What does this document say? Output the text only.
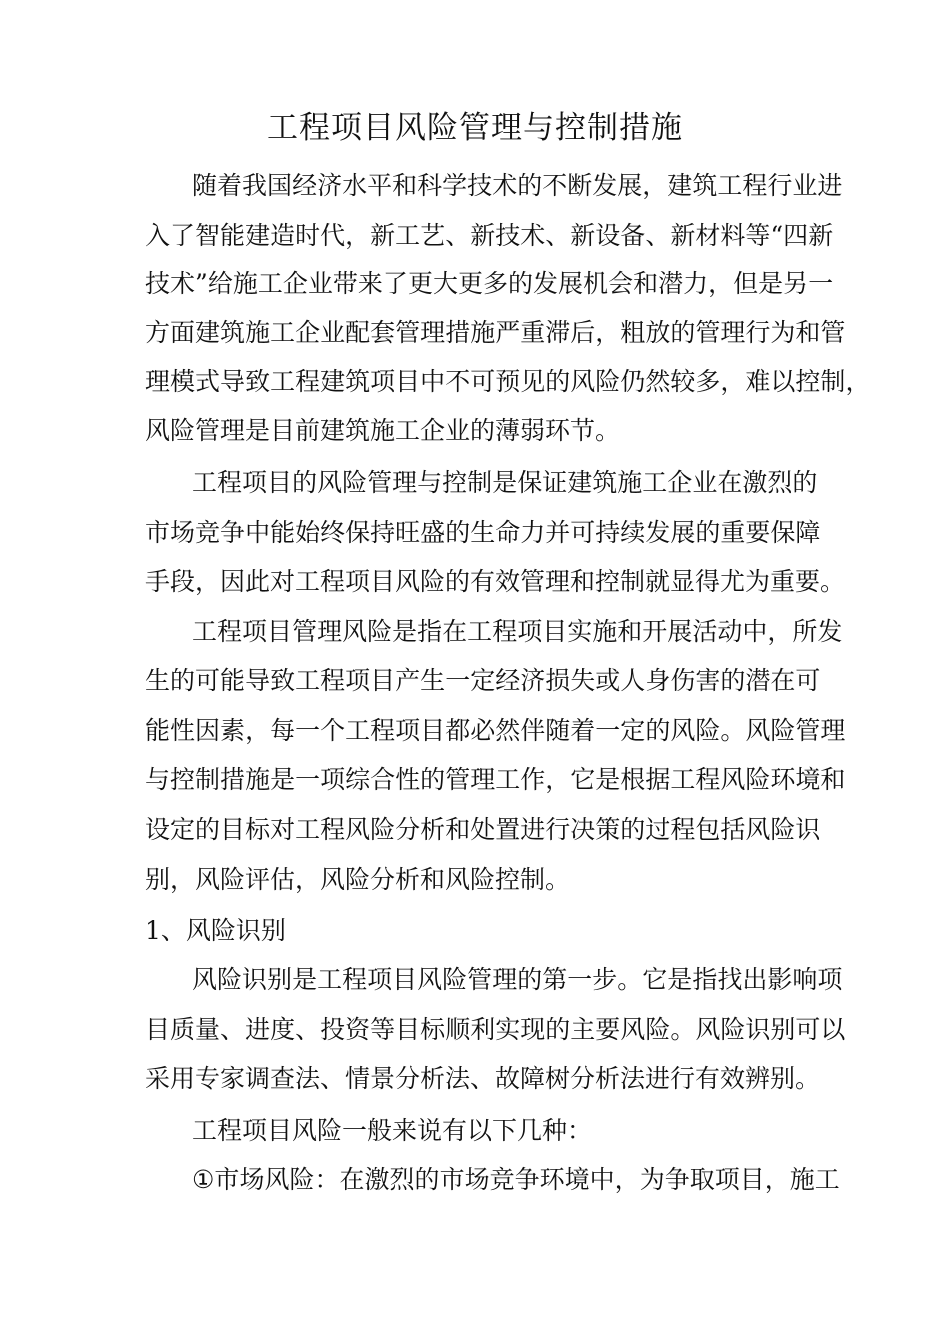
工程项目风险管理与控制措施
随 着 我 国 经 济 水 平 和 科 学 技 术 的 不 断 发 展 ， 建 筑 工 程 行 业 进
入 了 智 能 建 造 时 代 ， 新 工 艺 、 新 技 术 、 新 设 备 、 新 材 料 等 “ 四 新
技 术 ” 给 施 工 企 业 带 来 了 更 大 更 多 的 发 展 机 会 和 潜 力 ， 但 是 另 一
方 面 建 筑 施 工 企 业 配 套 管 理 措 施 严 重 滞 后 ， 粗 放 的 管 理 行 为 和 管
理 模 式 导 致 工 程 建 筑 项 目 中 不 可 预 见 的 风 险 仍 然 较 多 ， 难 以 控 制 ，
风险管理是目前建筑施工企业的薄弱环节。
工 程 项 目 的 风 险 管 理 与 控 制 是 保 证 建 筑 施 工 企 业 在 激 烈 的
市 场 竞 争 中 能 始 终 保 持 旺 盛 的 生 命 力 并 可 持 续 发 展 的 重 要 保 障
手段，因此对工程项目风险的有效管理和控制就显得尤为重要。
工 程 项 目 管 理 风 险 是 指 在 工 程 项 目 实 施 和 开 展 活 动 中 ， 所 发
生 的 可 能 导 致 工 程 项 目 产 生 一 定 经 济 损 失 或 人 身 伤 害 的 潜 在 可
能 性 因 素 ， 每 一 个 工 程 项 目 都 必 然 伴 随 着 一 定 的 风 险 。 风 险 管 理
与 控 制 措 施 是 一 项 综 合 性 的 管 理 工 作 ， 它 是 根 据 工 程 风 险 环 境 和
设 定 的 目 标 对 工 程 风 险 分 析 和 处 置 进 行 决 策 的 过 程 包 括 风 险 识
别，风险评估，风险分析和风险控制。
1、风险识别
风 险 识 别 是 工 程 项 目 风 险 管 理 的 第 一 步 。 它 是 指 找 出 影 响 项
目 质 量 、 进 度 、 投 资 等 目 标 顺 利 实 现 的 主 要 风 险 。 风 险 识 别 可 以
采用专家调查法、情景分析法、故障树分析法进行有效辨别。
工程项目风险一般来说有以下几种：
① 市 场 风 险 ： 在 激 烈 的 市 场 竞 争 环 境 中 ， 为 争 取 项 目 ， 施 工
